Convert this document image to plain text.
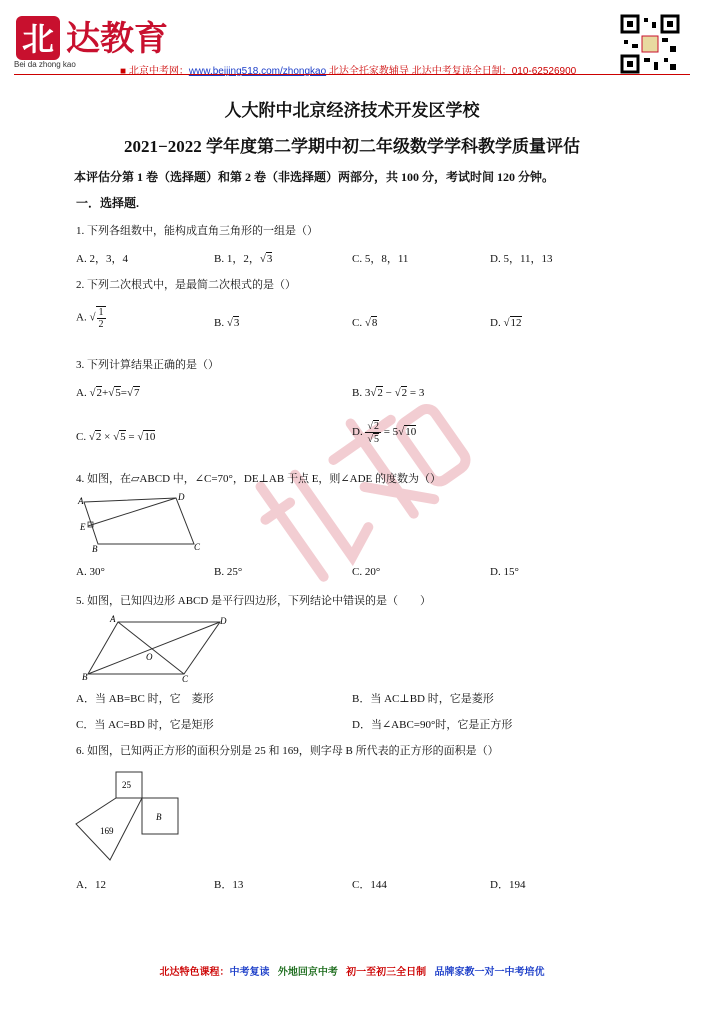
北 达教育
Bei da zhong kao
■ 北京中考网：www.beijing518.com/zhongkao 北达全托家教辅导 北达中考复读全日制：010-62526900
人大附中北京经济技术开发区学校
2021−2022 学年度第二学期中初二年级数学学科教学质量评估
本评估分第 1 卷（选择题）和第 2 卷（非选择题）两部分，共 100 分，考试时间 120 分钟。
一．选择题.
1. 下列各组数中，能构成直角三角形的一组是（）
A. 2，3，4	B. 1，2，√3	C. 5，8，11	D. 5，11，13
2. 下列二次根式中，是最简二次根式的是（）
A. √ $\frac{1}{2}$	B. √3	C. √8	D. √12
3. 下列计算结果正确的是（）
A. √2+√5=√7	B. 3√2 − √2 = 3
C. √2 × √5 = √10	D. $\frac{√2}{√5} = 5√10$
4. 如图，在▱ABCD 中，∠C=70°，DE⊥AB 于点 E，则∠ADE 的度数为（）
A	D
E
B	C
A. 30°	B. 25°	C. 20°	D. 15°
5. 如图，已知四边形 ABCD 是平行四边形，下列结论中错误的是（　　）
A	D
O
B	C
A．当 AB=BC 时，它　菱形	B．当 AC⊥BD 时，它是菱形
C．当 AC=BD 时，它是矩形	D．当∠ABC=90°时，它是正方形
6. 如图，已知两正方形的面积分别是 25 和 169，则字母 B 所代表的正方形的面积是（）
25
169
B
A．12	B．13	C．144	D．194
北达特色课程：中考复读 外地回京中考 初一至初三全日制 品牌家教一对一中考培优
